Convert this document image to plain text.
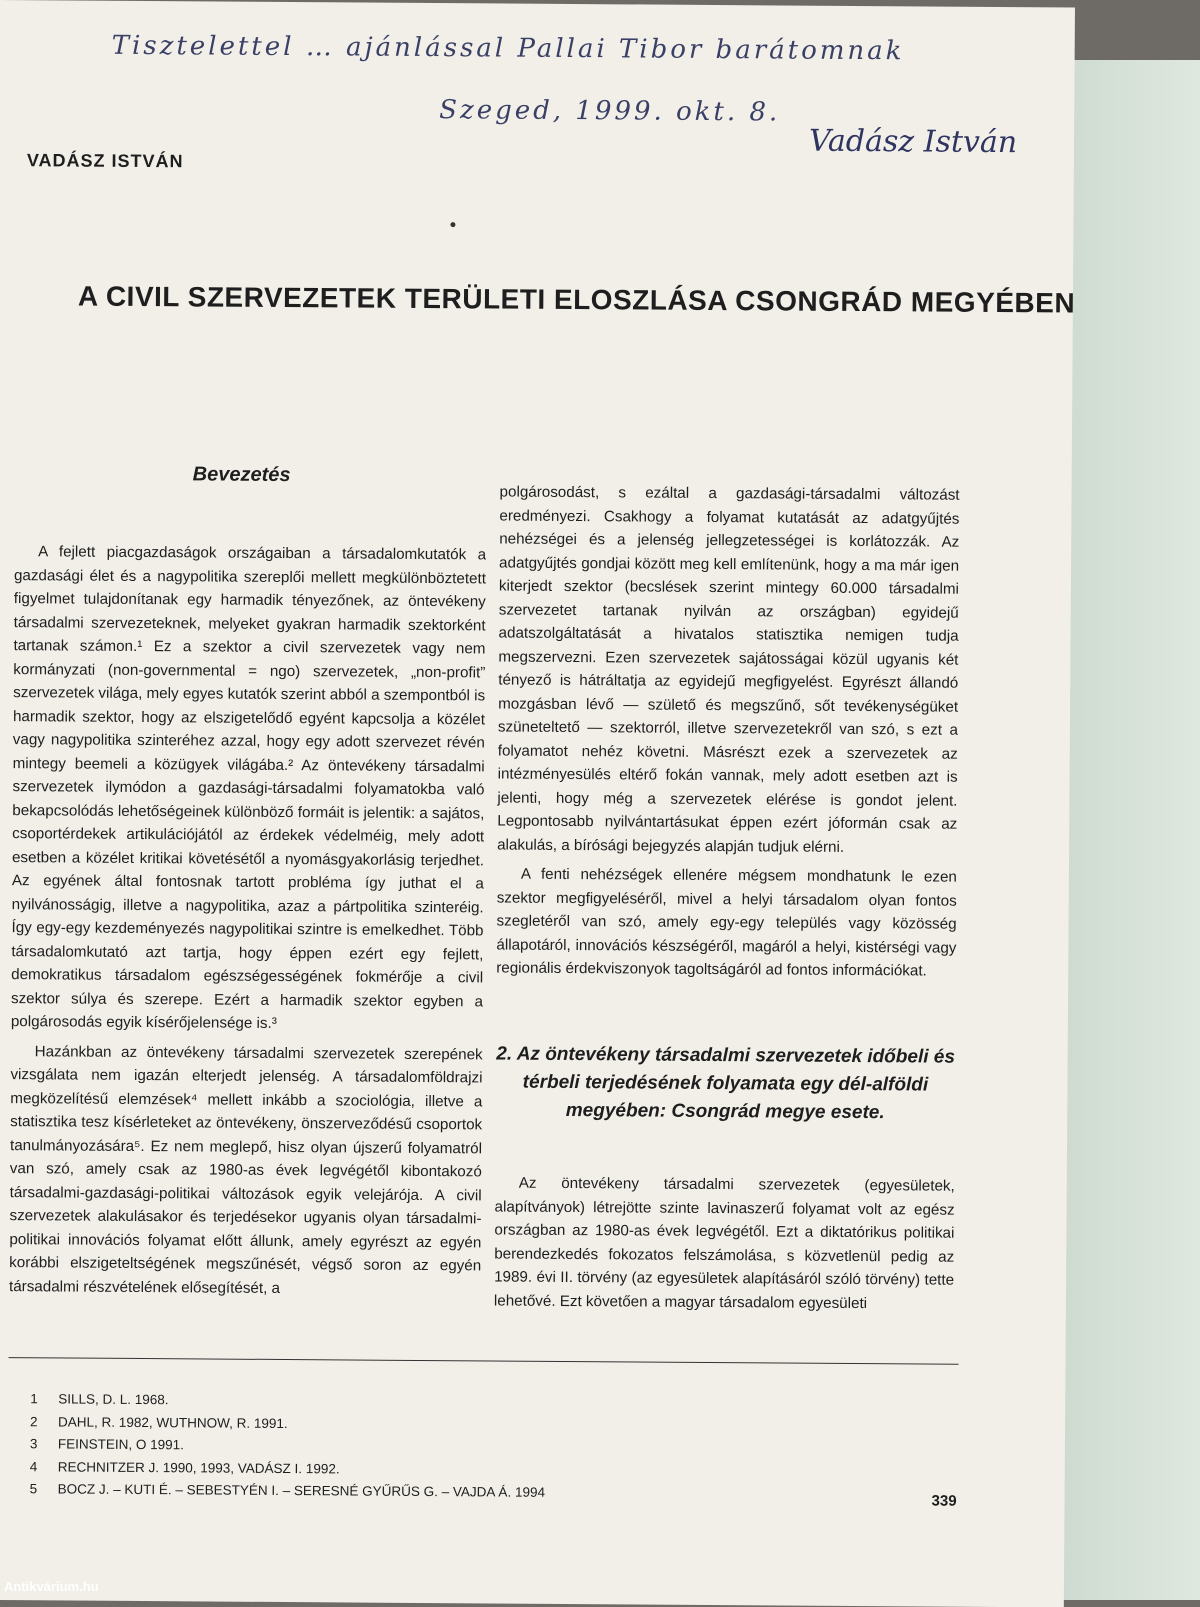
Tisztelettel … ajánlással Pallai Tibor barátomnak
Szeged, 1999. okt. 8.
Vadász István
VADÁSZ ISTVÁN
A CIVIL SZERVEZETEK TERÜLETI ELOSZLÁSA CSONGRÁD MEGYÉBEN
Bevezetés

A fejlett piacgazdaságok országaiban a társadalomkutatók a gazdasági élet és a nagypolitika szereplői mellett megkülönböztetett figyelmet tulajdonítanak egy harmadik tényezőnek, az öntevékeny társadalmi szervezeteknek, melyeket gyakran harmadik szektorként tartanak számon.¹ Ez a szektor a civil szervezetek vagy nem kormányzati (non-governmental = ngo) szervezetek, „non-profit” szervezetek világa, mely egyes kutatók szerint abból a szempontból is harmadik szektor, hogy az elszigetelődő egyént kapcsolja a közélet vagy nagypolitika szinteréhez azzal, hogy egy adott szervezet révén mintegy beemeli a közügyek világába.² Az öntevékeny társadalmi szervezetek ilymódon a gazdasági-társadalmi folyamatokba való bekapcsolódás lehetőségeinek különböző formáit is jelentik: a sajátos, csoportérdekek artikulációjától az érdekek védelméig, mely adott esetben a közélet kritikai követésétől a nyomásgyakorlásig terjedhet. Az egyének által fontosnak tartott probléma így juthat el a nyilvánosságig, illetve a nagypolitika, azaz a pártpolitika szinteréig. Így egy-egy kezdeményezés nagypolitikai szintre is emelkedhet. Több társadalomkutató azt tartja, hogy éppen ezért egy fejlett, demokratikus társadalom egészségességének fokmérője a civil szektor súlya és szerepe. Ezért a harmadik szektor egyben a polgárosodás egyik kísérőjelensége is.³

Hazánkban az öntevékeny társadalmi szervezetek szerepének vizsgálata nem igazán elterjedt jelenség. A társadalomföldrajzi megközelítésű elemzések⁴ mellett inkább a szociológia, illetve a statisztika tesz kísérleteket az öntevékeny, önszerveződésű csoportok tanulmányozására⁵. Ez nem meglepő, hisz olyan újszerű folyamatról van szó, amely csak az 1980-as évek legvégétől kibontakozó társadalmi-gazdasági-politikai változások egyik velejárója. A civil szervezetek alakulásakor és terjedésekor ugyanis olyan társadalmi-politikai innovációs folyamat előtt állunk, amely egyrészt az egyén korábbi elszigeteltségének megszűnését, végső soron az egyén társadalmi részvételének elősegítését, a

polgárosodást, s ezáltal a gazdasági-társadalmi változást eredményezi. Csakhogy a folyamat kutatását az adatgyűjtés nehézségei és a jelenség jellegzetességei is korlátozzák. Az adatgyűjtés gondjai között meg kell említenünk, hogy a ma már igen kiterjedt szektor (becslések szerint mintegy 60.000 társadalmi szervezetet tartanak nyilván az országban) egyidejű adatszolgáltatását a hivatalos statisztika nemigen tudja megszervezni. Ezen szervezetek sajátosságai közül ugyanis két tényező is hátráltatja az egyidejű megfigyelést. Egyrészt állandó mozgásban lévő — születő és megszűnő, sőt tevékenységüket szüneteltető — szektorról, illetve szervezetekről van szó, s ezt a folyamatot nehéz követni. Másrészt ezek a szervezetek az intézményesülés eltérő fokán vannak, mely adott esetben azt is jelenti, hogy még a szervezetek elérése is gondot jelent. Legpontosabb nyilvántartásukat éppen ezért jóformán csak az alakulás, a bírósági bejegyzés alapján tudjuk elérni.

A fenti nehézségek ellenére mégsem mondhatunk le ezen szektor megfigyeléséről, mivel a helyi társadalom olyan fontos szegletéről van szó, amely egy-egy település vagy közösség állapotáról, innovációs készségéről, magáról a helyi, kistérségi vagy regionális érdekviszonyok tagoltságáról ad fontos információkat.

2. Az öntevékeny társadalmi szervezetek időbeli és térbeli terjedésének folyamata egy dél-alföldi megyében: Csongrád megye esete.

Az öntevékeny társadalmi szervezetek (egyesületek, alapítványok) létrejötte szinte lavinaszerű folyamat volt az egész országban az 1980-as évek legvégétől. Ezt a diktatórikus politikai berendezkedés fokozatos felszámolása, s közvetlenül pedig az 1989. évi II. törvény (az egyesületek alapításáról szóló törvény) tette lehetővé. Ezt követően a magyar társadalom egyesületi

1 SILLS, D. L. 1968.
2 DAHL, R. 1982, WUTHNOW, R. 1991.
3 FEINSTEIN, O 1991.
4 RECHNITZER J. 1990, 1993, VADÁSZ I. 1992.
5 BOCZ J. – KUTI É. – SEBESTYÉN I. – SERESNÉ GYŰRŰS G. – VAJDA Á. 1994
339
Antikvárium.hu
